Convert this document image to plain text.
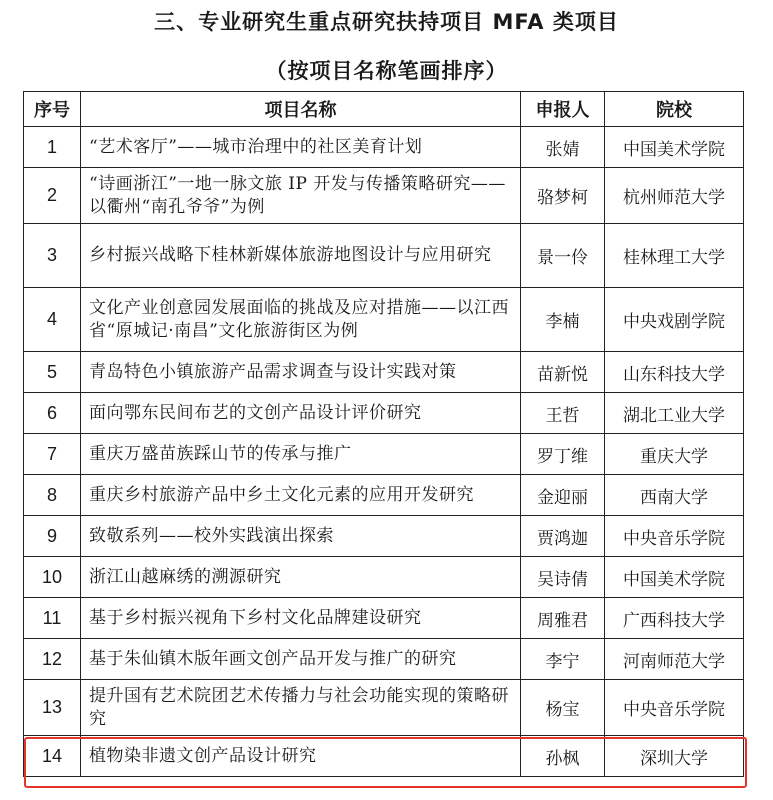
三、专业研究生重点研究扶持项目 MFA 类项目
（按项目名称笔画排序）
序号	项目名称	申报人	院校
1	“艺术客厅”——城市治理中的社区美育计划	张婧	中国美术学院
2	“诗画浙江”一地一脉文旅 IP 开发与传播策略研究——以衢州“南孔爷爷”为例	骆梦柯	杭州师范大学
3	乡村振兴战略下桂林新媒体旅游地图设计与应用研究	景一伶	桂林理工大学
4	文化产业创意园发展面临的挑战及应对措施——以江西省“原城记·南昌”文化旅游街区为例	李楠	中央戏剧学院
5	青岛特色小镇旅游产品需求调查与设计实践对策	苗新悦	山东科技大学
6	面向鄂东民间布艺的文创产品设计评价研究	王哲	湖北工业大学
7	重庆万盛苗族踩山节的传承与推广	罗丁维	重庆大学
8	重庆乡村旅游产品中乡土文化元素的应用开发研究	金迎丽	西南大学
9	致敬系列——校外实践演出探索	贾鸿迦	中央音乐学院
10	浙江山越麻绣的溯源研究	吴诗倩	中国美术学院
11	基于乡村振兴视角下乡村文化品牌建设研究	周雅君	广西科技大学
12	基于朱仙镇木版年画文创产品开发与推广的研究	李宁	河南师范大学
13	提升国有艺术院团艺术传播力与社会功能实现的策略研究	杨宝	中央音乐学院
14	植物染非遗文创产品设计研究	孙枫	深圳大学
